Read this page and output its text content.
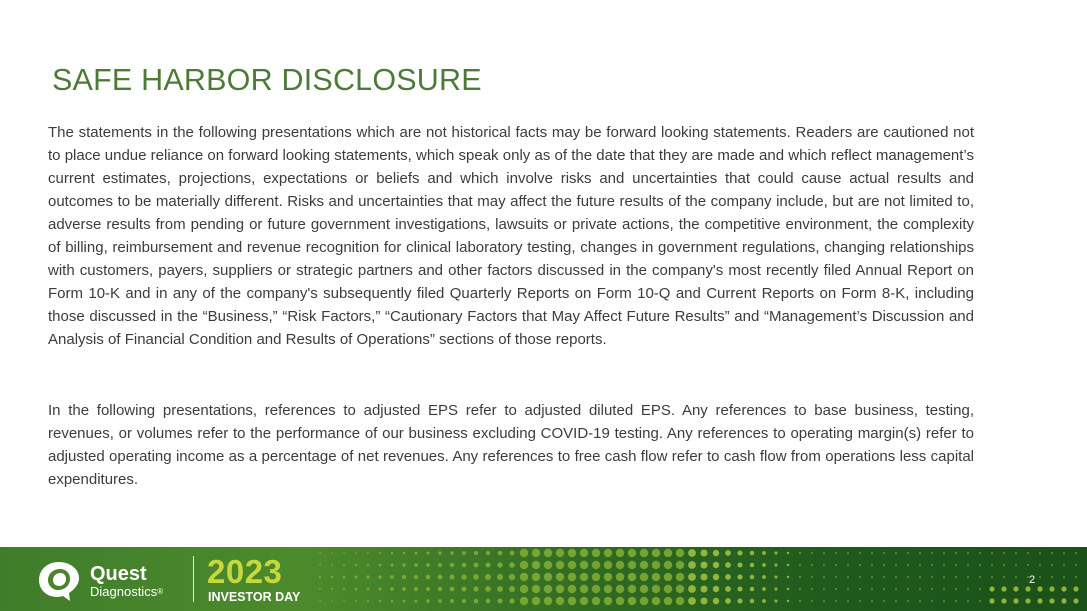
SAFE HARBOR DISCLOSURE

The statements in the following presentations which are not historical facts may be forward looking statements. Readers are cautioned not to place undue reliance on forward looking statements, which speak only as of the date that they are made and which reflect management’s current estimates, projections, expectations or beliefs and which involve risks and uncertainties that could cause actual results and outcomes to be materially different. Risks and uncertainties that may affect the future results of the company include, but are not limited to, adverse results from pending or future government investigations, lawsuits or private actions, the competitive environment, the complexity of billing, reimbursement and revenue recognition for clinical laboratory testing, changes in government regulations, changing relationships with customers, payers, suppliers or strategic partners and other factors discussed in the company's most recently filed Annual Report on Form 10-K and in any of the company's subsequently filed Quarterly Reports on Form 10-Q and Current Reports on Form 8-K, including those discussed in the “Business,” “Risk Factors,” “Cautionary Factors that May Affect Future Results” and “Management’s Discussion and Analysis of Financial Condition and Results of Operations” sections of those reports.

In the following presentations, references to adjusted EPS refer to adjusted diluted EPS. Any references to base business, testing, revenues, or volumes refer to the performance of our business excluding COVID-19 testing. Any references to operating margin(s) refer to adjusted operating income as a percentage of net revenues. Any references to free cash flow refer to cash flow from operations less capital expenditures.

Quest
Diagnostics®
2023
INVESTOR DAY
2
